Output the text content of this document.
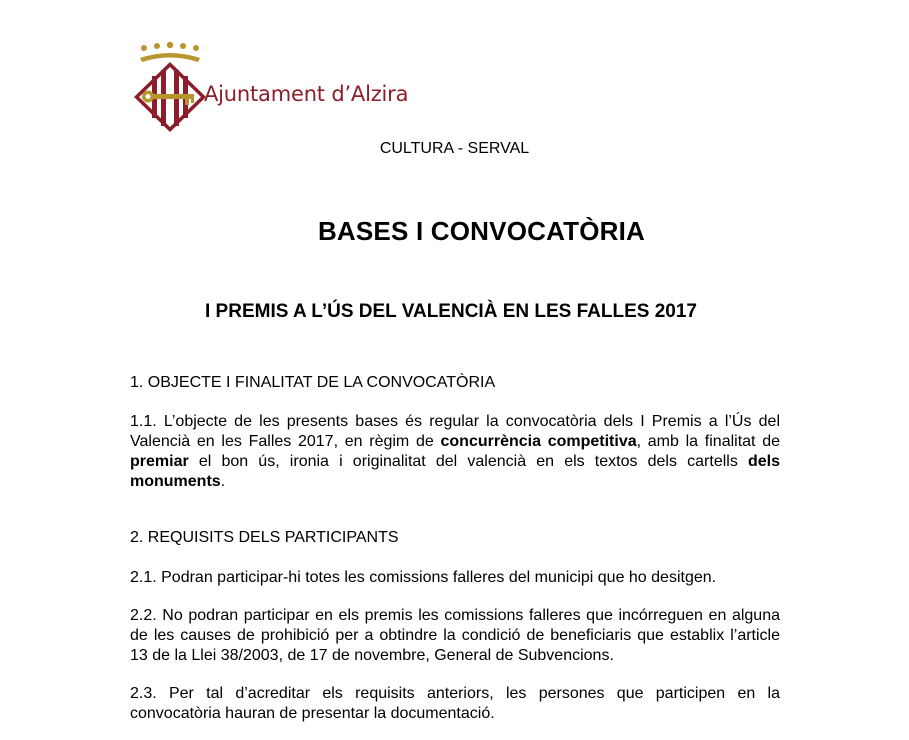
Ajuntament d’Alzira
CULTURA - SERVAL
BASES I CONVOCATÒRIA
I PREMIS A L’ÚS DEL VALENCIÀ EN LES FALLES 2017
1. OBJECTE I FINALITAT DE LA CONVOCATÒRIA
1.1. L’objecte de les presents bases és regular la convocatòria dels I Premis a l’Ús del Valencià en les Falles 2017, en règim de concurrència competitiva, amb la finalitat de premiar el bon ús, ironia i originalitat del valencià en els textos dels cartells dels monuments.
2. REQUISITS DELS PARTICIPANTS
2.1. Podran participar-hi totes les comissions falleres del municipi que ho desitgen.
2.2. No podran participar en els premis les comissions falleres que incórreguen en alguna de les causes de prohibició per a obtindre la condició de beneficiaris que establix l’article 13 de la Llei 38/2003, de 17 de novembre, General de Subvencions.
2.3. Per tal d’acreditar els requisits anteriors, les persones que participen en la convocatòria hauran de presentar la documentació.
